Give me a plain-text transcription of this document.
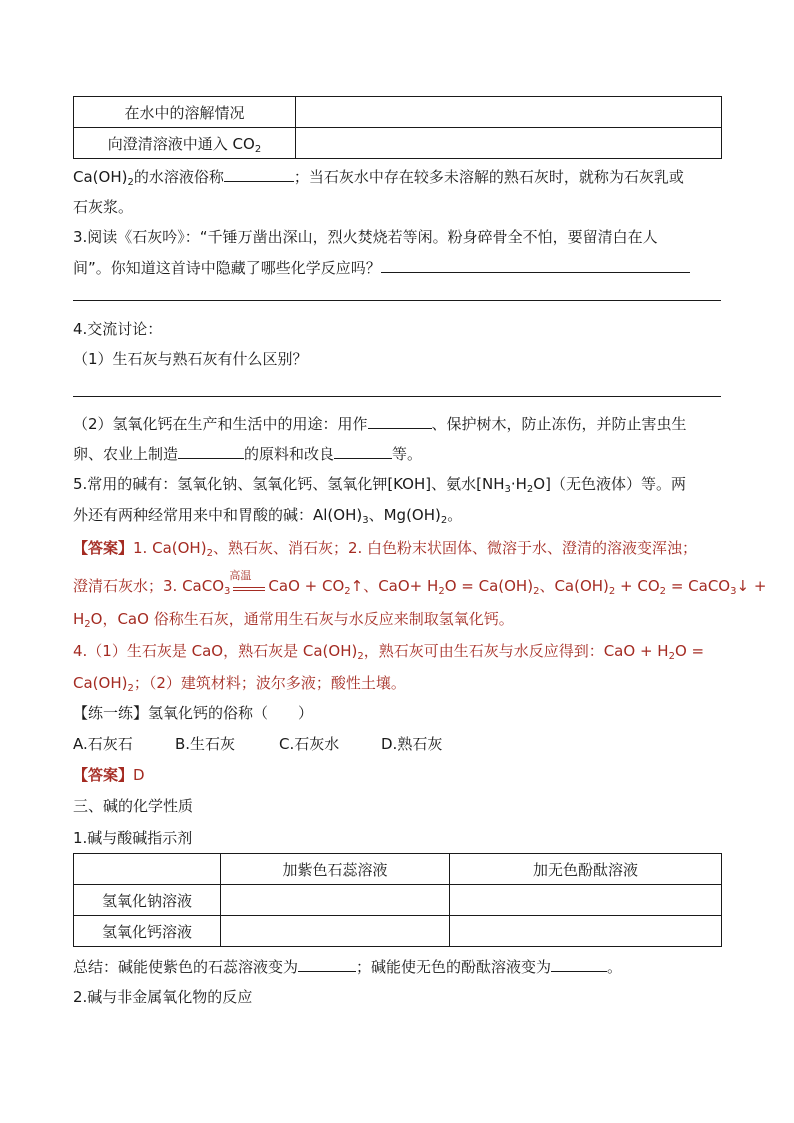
在水中的溶解情况	
向澄清溶液中通入 $CO_2$	
$Ca(OH)_2$的水溶液俗称	；当石灰水中存在较多未溶解的熟石灰时，就称为石灰乳或
石灰浆。
3.阅读《石灰吟》：“千锤万凿出深山，烈火焚烧若等闲。粉身碎骨全不怕，要留清白在人
间”。你知道这首诗中隐藏了哪些化学反应吗？
4.交流讨论：
（1）生石灰与熟石灰有什么区别？
（2）氢氧化钙在生产和生活中的用途：用作	、保护树木，防止冻伤，并防止害虫生
卵、农业上制造	的原料和改良	等。
5.常用的碱有：氢氧化钠、氢氧化钙、氢氧化钾[KOH]、氨水$[NH_3\cdot H_2O]$（无色液体）等。两
外还有两种经常用来中和胃酸的碱：$Al(OH)_3$、$Mg(OH)_2$。
【答案】1. $Ca(OH)_2$、熟石灰、消石灰；2. 白色粉末状固体、微溶于水、澄清的溶液变浑浊；
澄清石灰水；3. CaCO$_3$
高温
CaO + $CO_2↑$、$CaO+ H_2O = Ca(OH)_2$、$Ca(OH)_2 + CO_2$ = CaCO$_3$↓ +
$H_2O$，CaO 俗称生石灰，通常用生石灰与水反应来制取氢氧化钙。
4.（1）生石灰是 CaO，熟石灰是 $Ca(OH)_2$，熟石灰可由生石灰与水反应得到：CaO + $H_2O$ =
$Ca(OH)_2$；（2）建筑材料；波尔多液；酸性土壤。
【练一练】氢氧化钙的俗称（　　）
A.石灰石	B.生石灰	C.石灰水	D.熟石灰
【答案】D
三、碱的化学性质
1.碱与酸碱指示剂
	加紫色石蕊溶液	加无色酚酞溶液
氢氧化钠溶液		
氢氧化钙溶液		
总结：碱能使紫色的石蕊溶液变为	；碱能使无色的酚酞溶液变为	。
2.碱与非金属氧化物的反应
